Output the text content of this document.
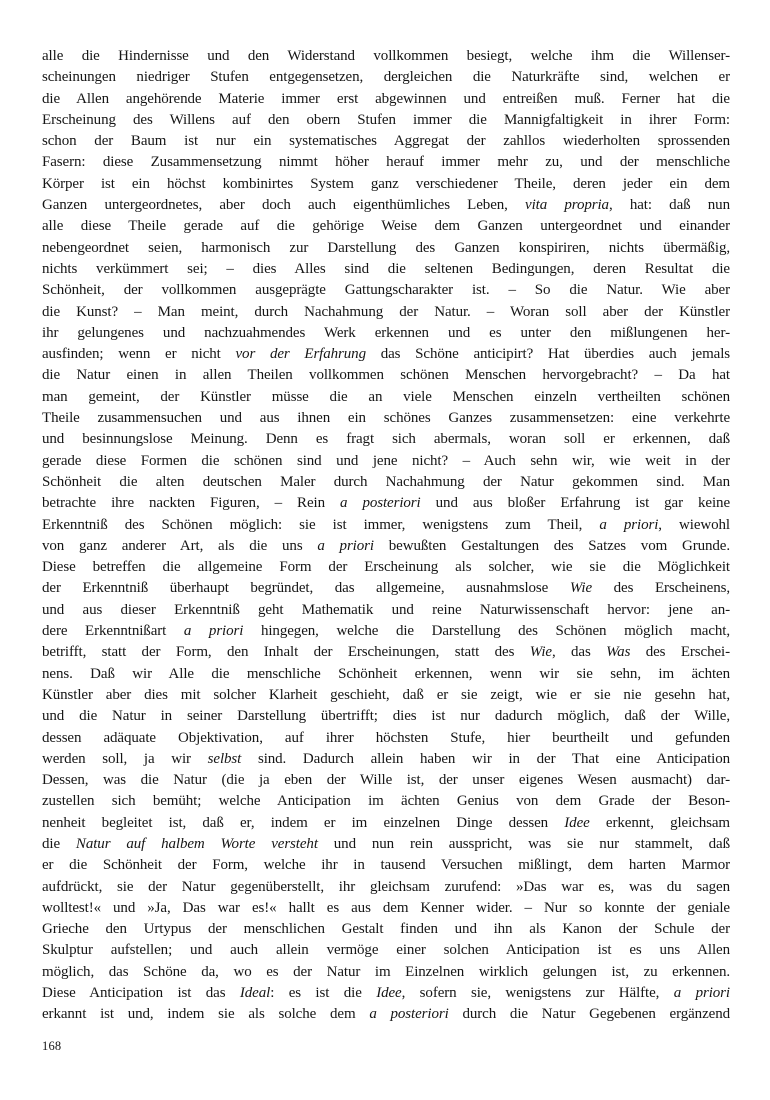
alle die Hindernisse und den Widerstand vollkommen besiegt, welche ihm die Willenser-
scheinungen niedriger Stufen entgegensetzen, dergleichen die Naturkräfte sind, welchen er
die Allen angehörende Materie immer erst abgewinnen und entreißen muß. Ferner hat die
Erscheinung des Willens auf den obern Stufen immer die Mannigfaltigkeit in ihrer Form:
schon der Baum ist nur ein systematisches Aggregat der zahllos wiederholten sprossenden
Fasern: diese Zusammensetzung nimmt höher herauf immer mehr zu, und der menschliche
Körper ist ein höchst kombinirtes System ganz verschiedener Theile, deren jeder ein dem
Ganzen untergeordnetes, aber doch auch eigenthümliches Leben, vita propria, hat: daß nun
alle diese Theile gerade auf die gehörige Weise dem Ganzen untergeordnet und einander
nebengeordnet seien, harmonisch zur Darstellung des Ganzen konspiriren, nichts übermäßig,
nichts verkümmert sei; – dies Alles sind die seltenen Bedingungen, deren Resultat die
Schönheit, der vollkommen ausgeprägte Gattungscharakter ist. – So die Natur. Wie aber
die Kunst? – Man meint, durch Nachahmung der Natur. – Woran soll aber der Künstler
ihr gelungenes und nachzuahmendes Werk erkennen und es unter den mißlungenen her-
ausfinden; wenn er nicht vor der Erfahrung das Schöne anticipirt? Hat überdies auch jemals
die Natur einen in allen Theilen vollkommen schönen Menschen hervorgebracht? – Da hat
man gemeint, der Künstler müsse die an viele Menschen einzeln vertheilten schönen
Theile zusammensuchen und aus ihnen ein schönes Ganzes zusammensetzen: eine verkehrte
und besinnungslose Meinung. Denn es fragt sich abermals, woran soll er erkennen, daß
gerade diese Formen die schönen sind und jene nicht? – Auch sehn wir, wie weit in der
Schönheit die alten deutschen Maler durch Nachahmung der Natur gekommen sind. Man
betrachte ihre nackten Figuren, – Rein a posteriori und aus bloßer Erfahrung ist gar keine
Erkenntniß des Schönen möglich: sie ist immer, wenigstens zum Theil, a priori, wiewohl
von ganz anderer Art, als die uns a priori bewußten Gestaltungen des Satzes vom Grunde.
Diese betreffen die allgemeine Form der Erscheinung als solcher, wie sie die Möglichkeit
der Erkenntniß überhaupt begründet, das allgemeine, ausnahmslose Wie des Erscheinens,
und aus dieser Erkenntniß geht Mathematik und reine Naturwissenschaft hervor: jene an-
dere Erkenntnißart a priori hingegen, welche die Darstellung des Schönen möglich macht,
betrifft, statt der Form, den Inhalt der Erscheinungen, statt des Wie, das Was des Erschei-
nens. Daß wir Alle die menschliche Schönheit erkennen, wenn wir sie sehn, im ächten
Künstler aber dies mit solcher Klarheit geschieht, daß er sie zeigt, wie er sie nie gesehn hat,
und die Natur in seiner Darstellung übertrifft; dies ist nur dadurch möglich, daß der Wille,
dessen adäquate Objektivation, auf ihrer höchsten Stufe, hier beurtheilt und gefunden
werden soll, ja wir selbst sind. Dadurch allein haben wir in der That eine Anticipation
Dessen, was die Natur (die ja eben der Wille ist, der unser eigenes Wesen ausmacht) dar-
zustellen sich bemüht; welche Anticipation im ächten Genius von dem Grade der Beson-
nenheit begleitet ist, daß er, indem er im einzelnen Dinge dessen Idee erkennt, gleichsam
die Natur auf halbem Worte versteht und nun rein ausspricht, was sie nur stammelt, daß
er die Schönheit der Form, welche ihr in tausend Versuchen mißlingt, dem harten Marmor
aufdrückt, sie der Natur gegenüberstellt, ihr gleichsam zurufend: »Das war es, was du sagen
wolltest!« und »Ja, Das war es!« hallt es aus dem Kenner wider. – Nur so konnte der geniale
Grieche den Urtypus der menschlichen Gestalt finden und ihn als Kanon der Schule der
Skulptur aufstellen; und auch allein vermöge einer solchen Anticipation ist es uns Allen
möglich, das Schöne da, wo es der Natur im Einzelnen wirklich gelungen ist, zu erkennen.
Diese Anticipation ist das Ideal: es ist die Idee, sofern sie, wenigstens zur Hälfte, a priori
erkannt ist und, indem sie als solche dem a posteriori durch die Natur Gegebenen ergänzend
168
